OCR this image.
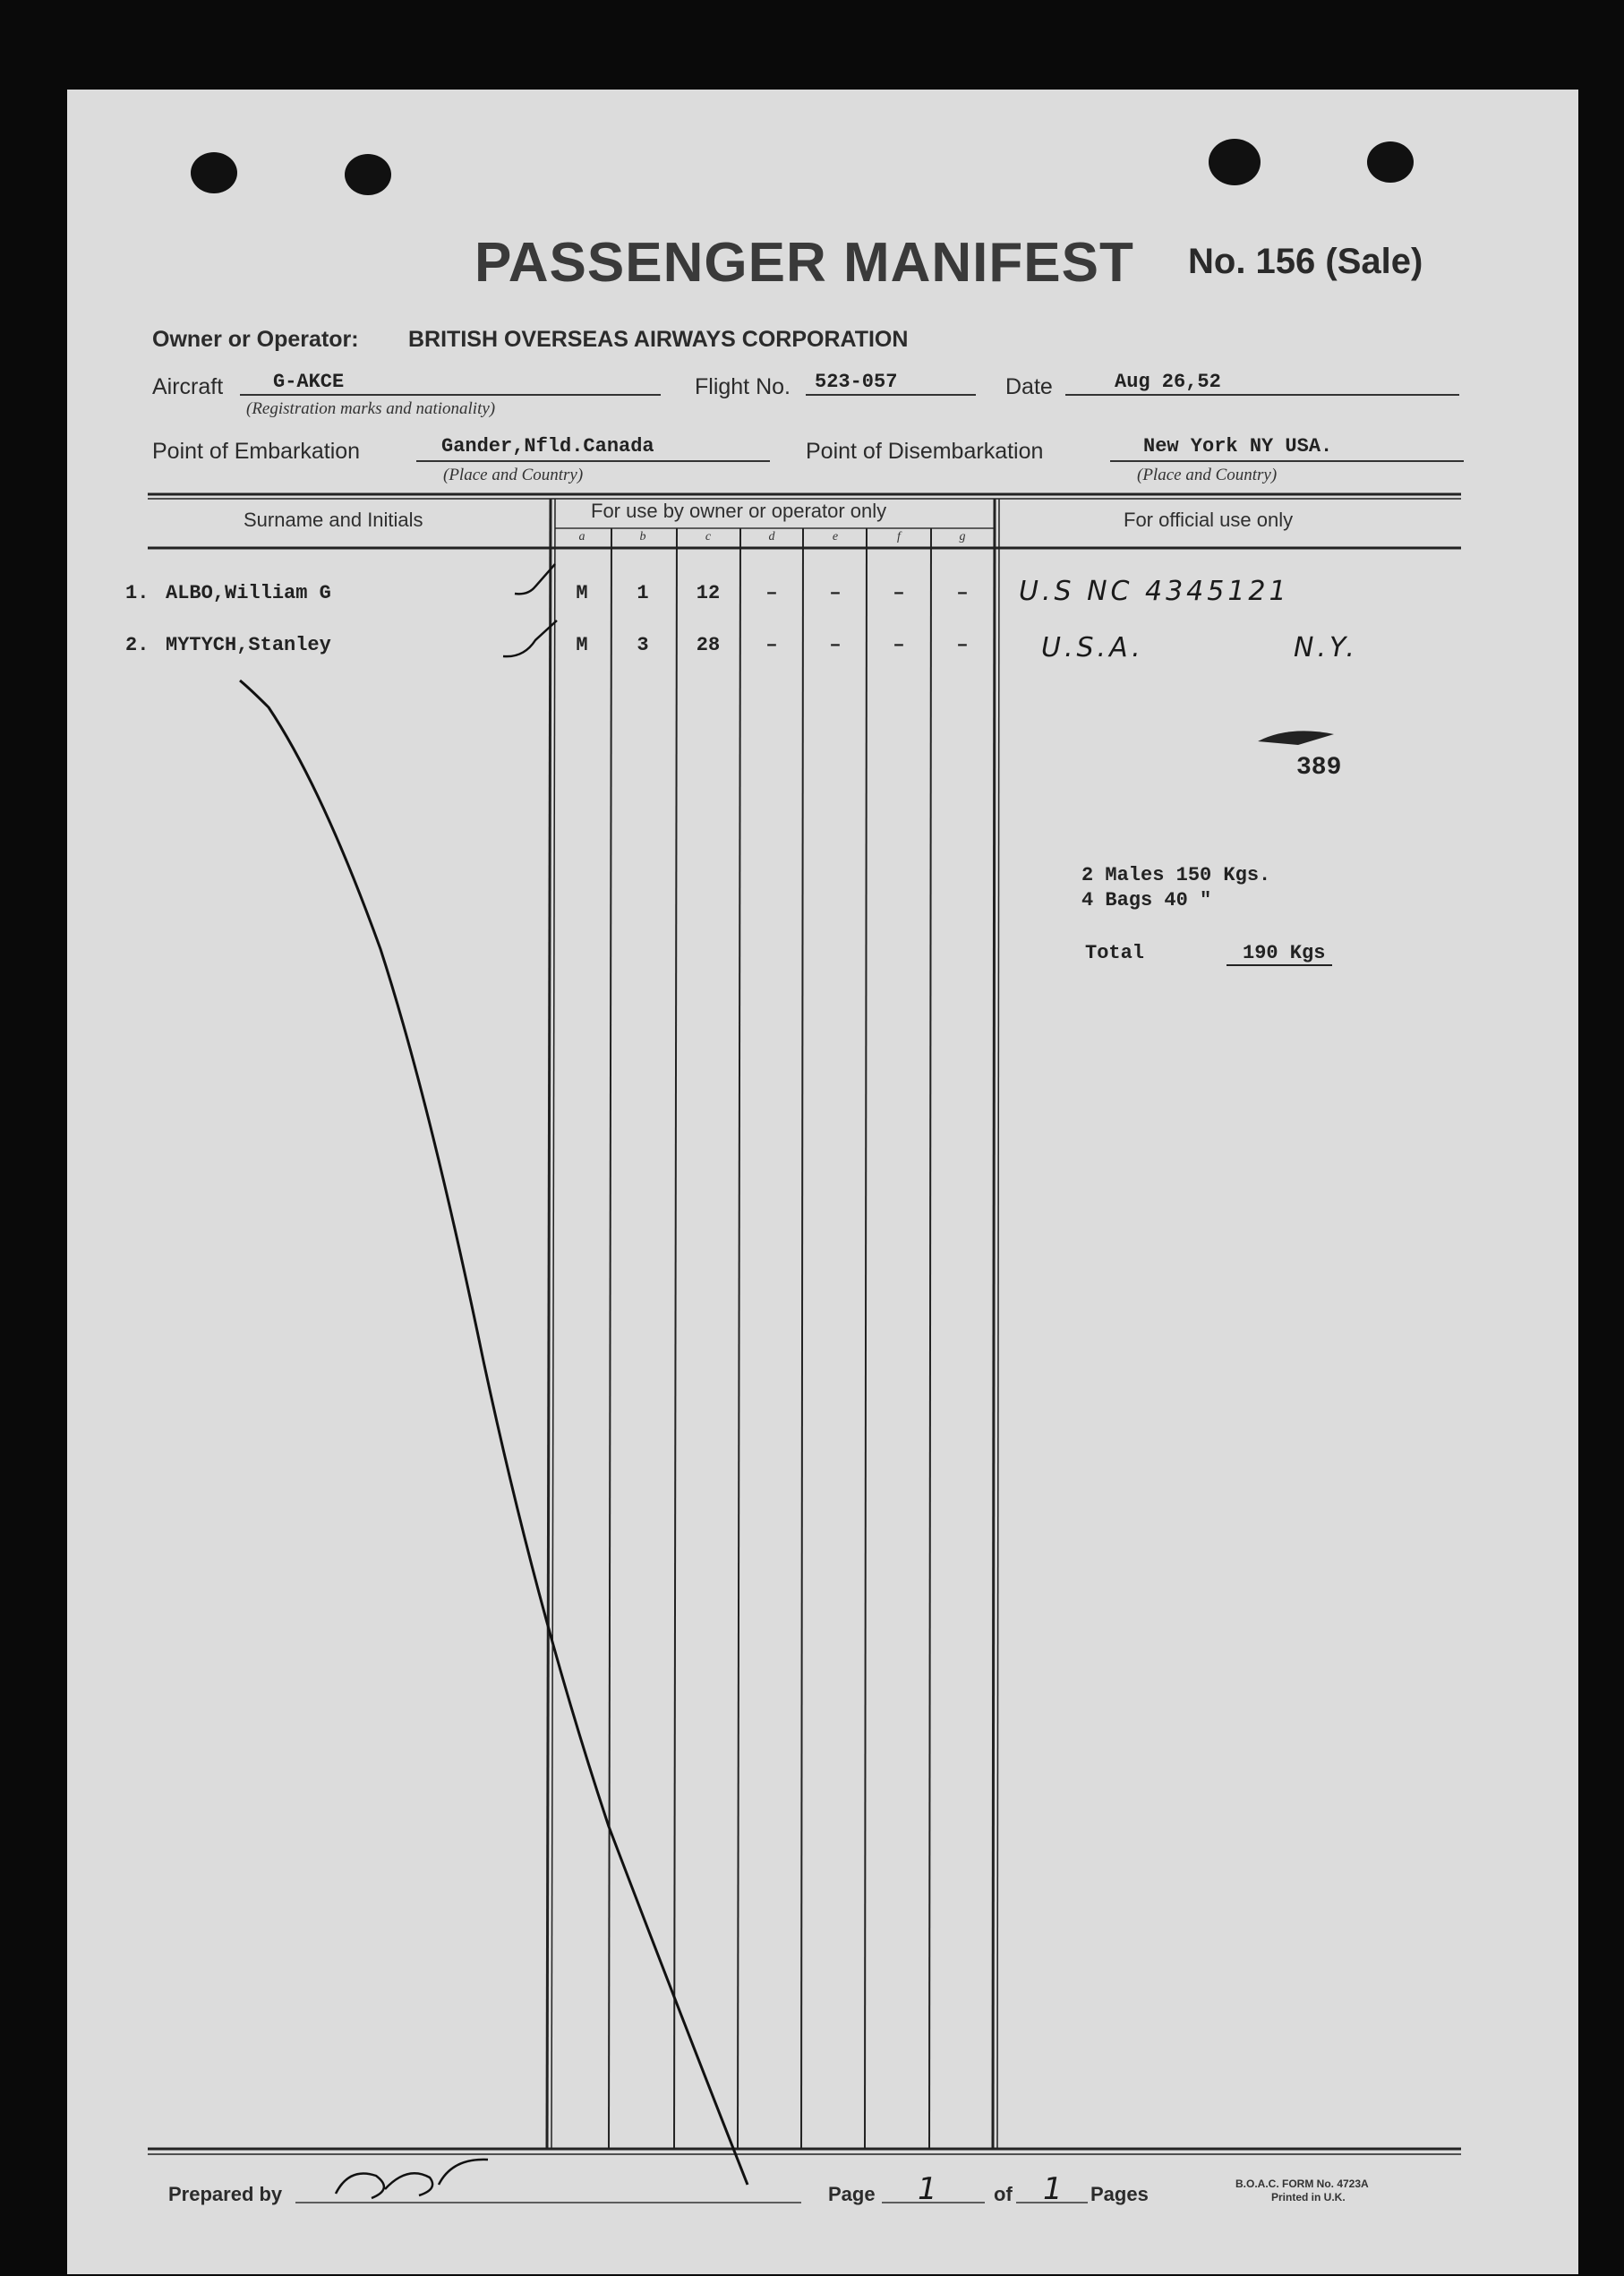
PASSENGER MANIFEST No. 156 (Sale)
Owner or Operator: BRITISH OVERSEAS AIRWAYS CORPORATION
Aircraft	G-AKCE
(Registration marks and nationality)
Flight No. 523-057	Date	Aug 26,52
Point of Embarkation	Gander,Nfld.Canada
(Place and Country)
Point of Disembarkation	New York NY USA.
(Place and Country)
Surname and Initials	For use by owner or operator only	For official use only
a	b	c	d	e	f	g
1. ALBO,William G	M	1	12	–	–	–	–	U.S NC 4345121
2. MYTYCH,Stanley	M	3	28	–	–	–	–	U.S.A.	N.Y.
389
2 Males 150 Kgs.
4 Bags 40 "
Total	190 Kgs
Prepared by	Page 1	of 1 Pages	B.O.A.C. FORM No. 4723A
Printed in U.K.
